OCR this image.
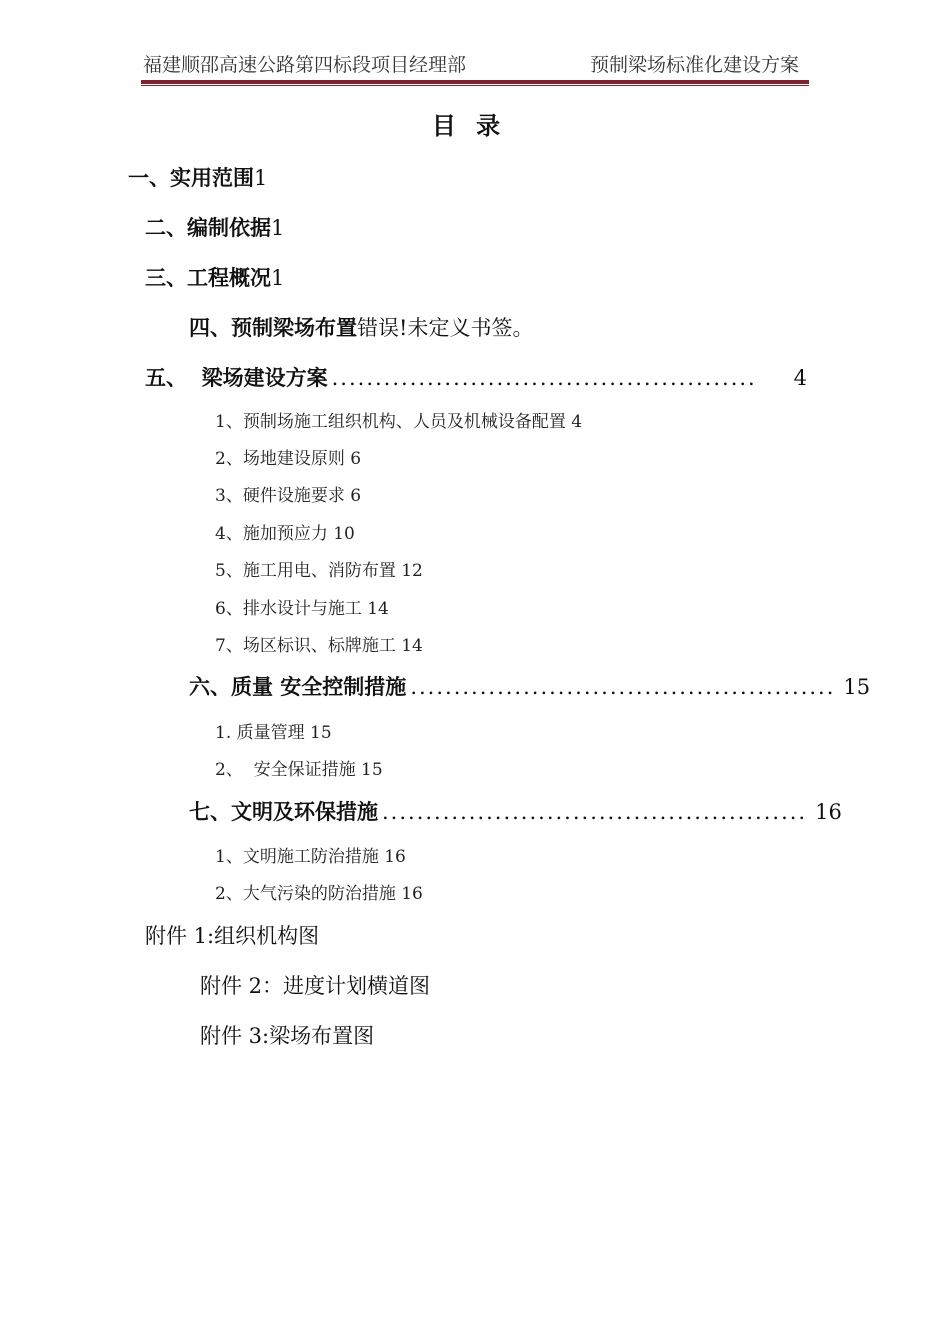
福建顺邵高速公路第四标段项目经理部	预制梁场标准化建设方案
目 录
一、实用范围1
二、编制依据1
三、工程概况1
四、预制梁场布置错误!未定义书签。
五、  梁场建设方案 .................................................	4
1、预制场施工组织机构、人员及机械设备配置 4
2、场地建设原则 6
3、硬件设施要求 6
4、施加预应力 10
5、施工用电、消防布置 12
6、排水设计与施工 14
7、场区标识、标牌施工 14
六、质量 安全控制措施 ................................................. 15
1. 质量管理 15
2、  安全保证措施 15
七、文明及环保措施 ................................................. 16
1、文明施工防治措施 16
2、大气污染的防治措施 16
附件 1:组织机构图
附件 2：进度计划横道图
附件 3:梁场布置图
